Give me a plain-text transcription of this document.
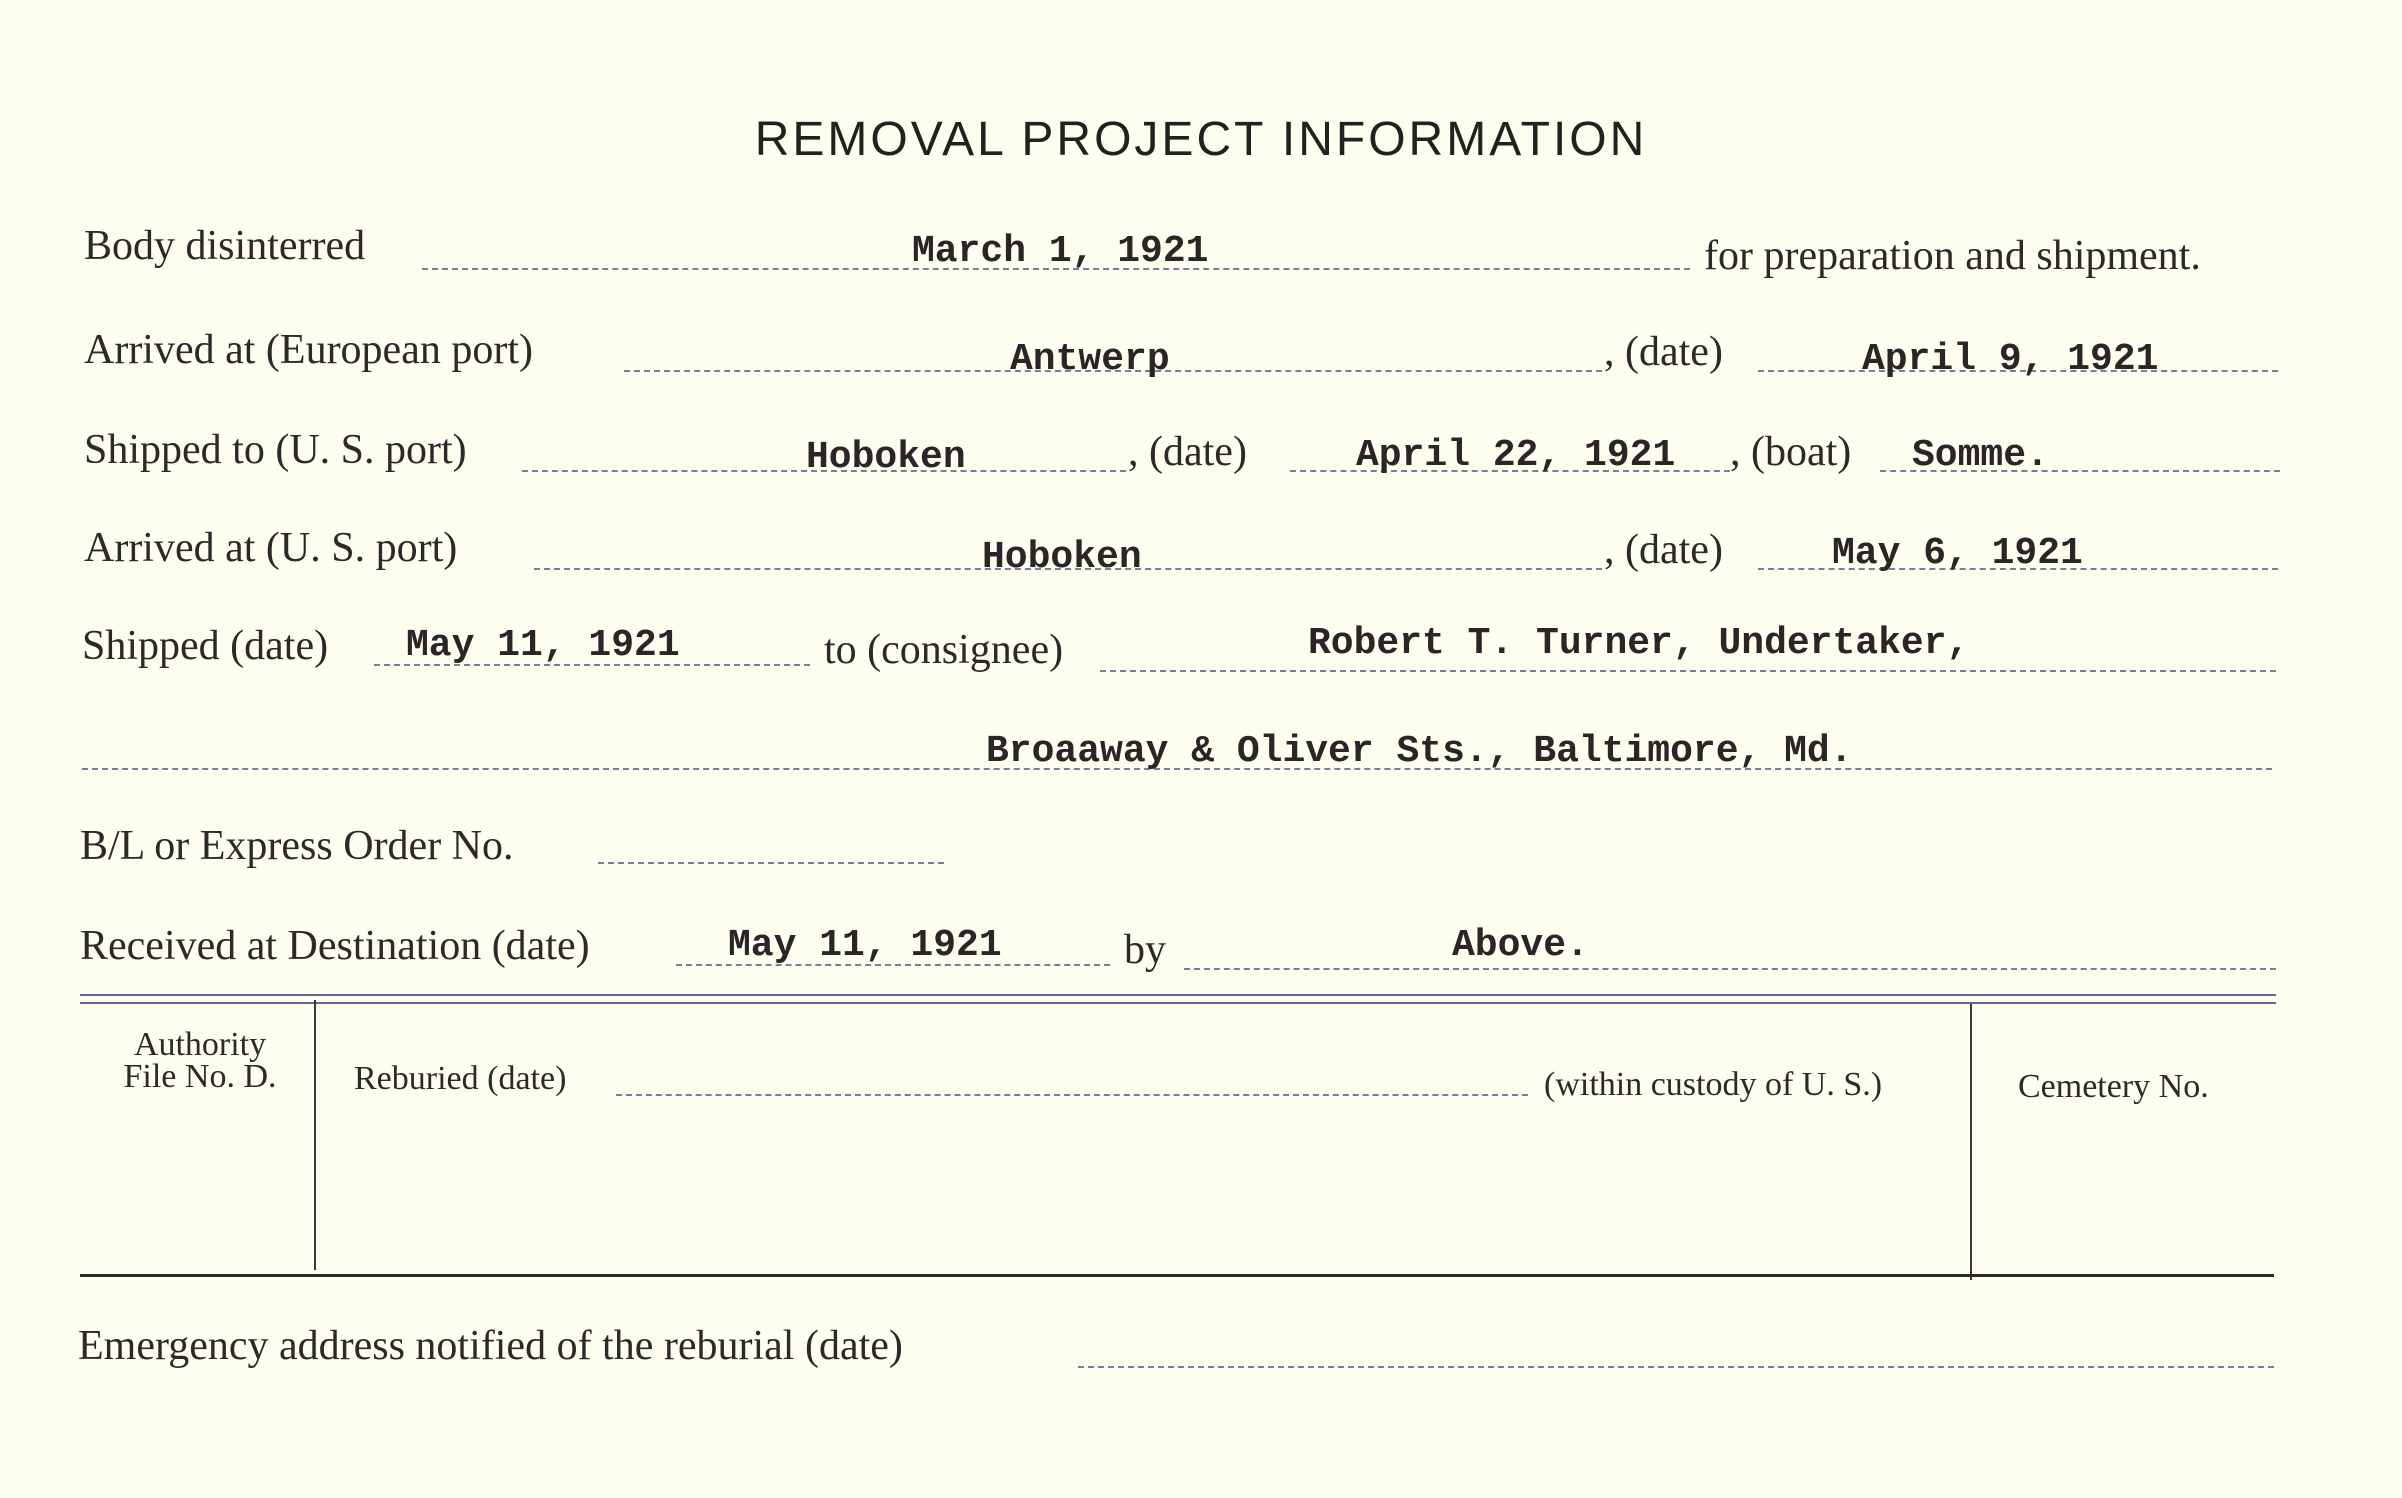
REMOVAL PROJECT INFORMATION
Body disinterred	March 1, 1921	for preparation and shipment.
Arrived at (European port)	Antwerp	, (date)	April 9, 1921
Shipped to (U. S. port)	Hoboken	, (date)	April 22, 1921 , (boat) Somme.
Arrived at (U. S. port)	Hoboken	, (date)	May 6, 1921
Shipped (date) May 11, 1921	to (consignee)	Robert T. Turner, Undertaker,
Broaaway & Oliver Sts., Baltimore, Md.
B/L or Express Order No.
Received at Destination (date)	May 11, 1921	by	Above.
Authority
File No. D.	Reburied (date)	(within custody of U. S.)	Cemetery No.
Emergency address notified of the reburial (date)
